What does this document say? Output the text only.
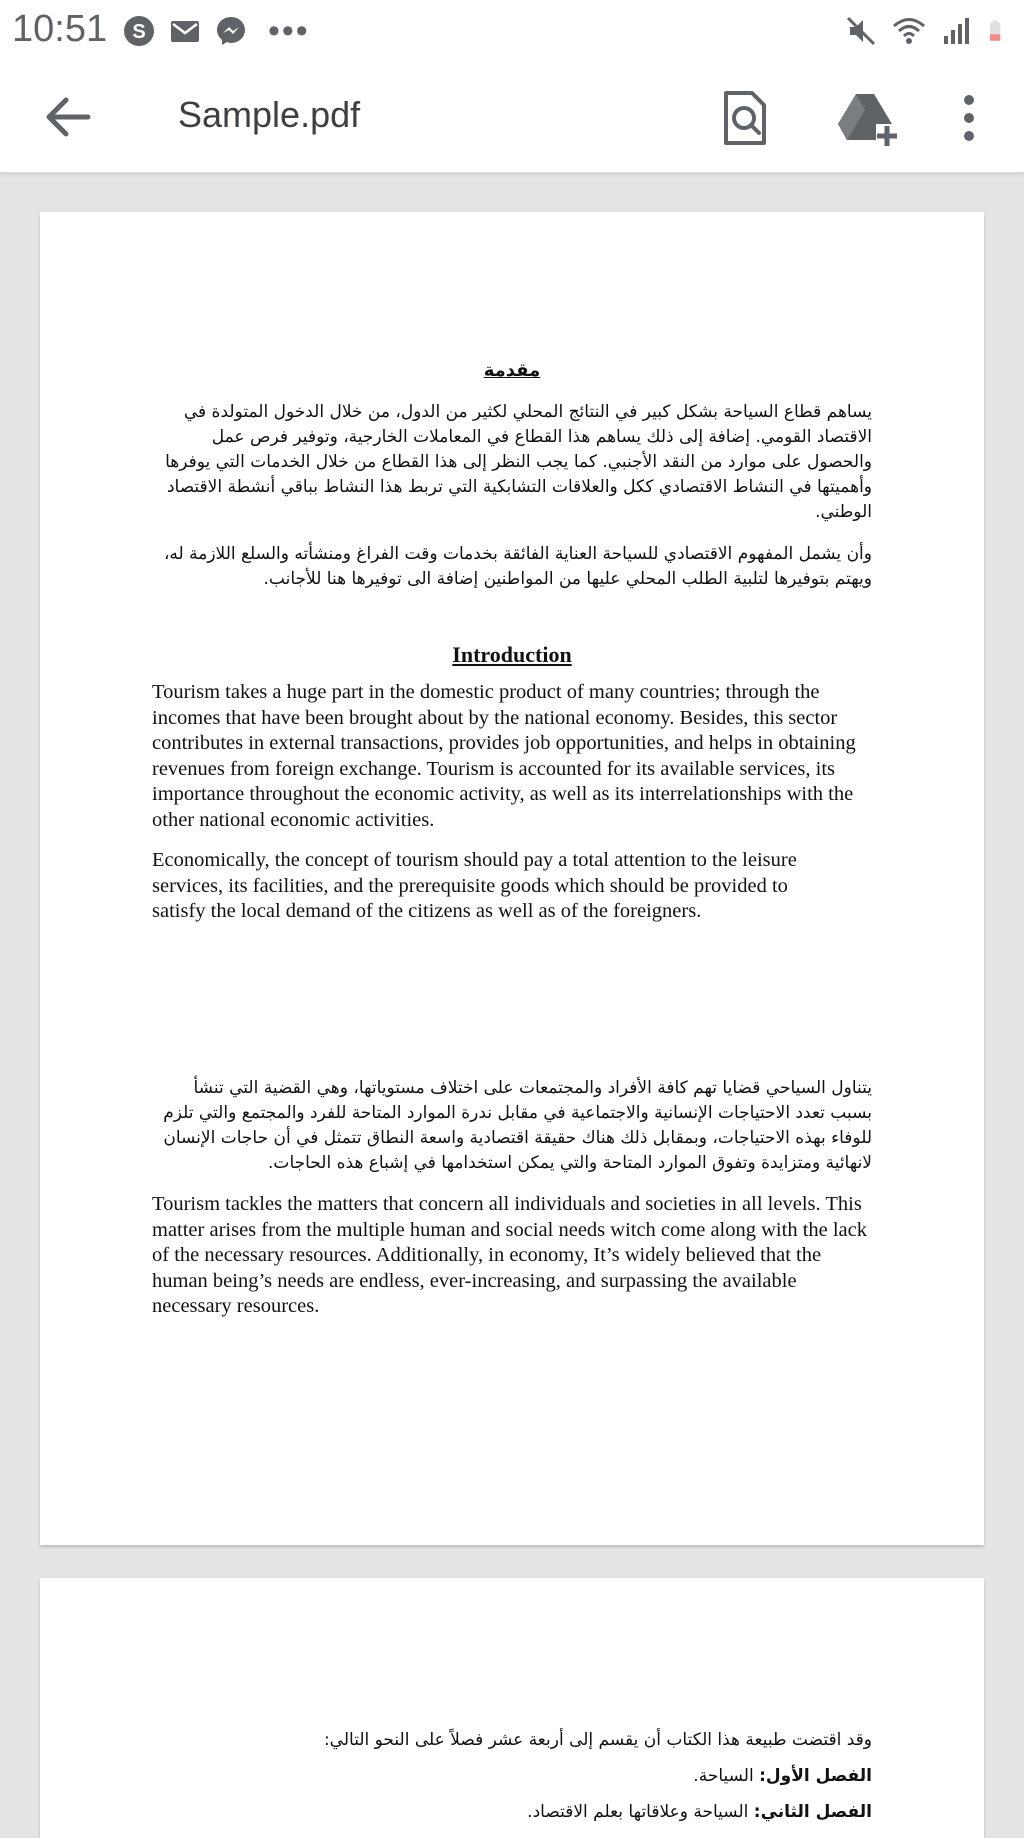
10:51 S	•••
Sample.pdf
مقدمة

يساهم قطاع السياحة بشكل كبير في النتائج المحلي لكثير من الدول، من خلال الدخول المتولدة في الاقتصاد القومي. إضافة إلى ذلك يساهم هذا القطاع في المعاملات الخارجية، وتوفير فرص عمل والحصول على موارد من النقد الأجنبي. كما يجب النظر إلى هذا القطاع من خلال الخدمات التي يوفرها وأهميتها في النشاط الاقتصادي ككل والعلاقات التشابكية التي تربط هذا النشاط بباقي أنشطة الاقتصاد الوطني.

وأن يشمل المفهوم الاقتصادي للسياحة العناية الفائقة بخدمات وقت الفراغ ومنشأته والسلع اللازمة له، ويهتم بتوفيرها لتلبية الطلب المحلي عليها من المواطنين إضافة الى توفيرها هنا للأجانب.

Introduction

Tourism takes a huge part in the domestic product of many countries; through the incomes that have been brought about by the national economy. Besides, this sector contributes in external transactions, provides job opportunities, and helps in obtaining revenues from foreign exchange. Tourism is accounted for its available services, its importance throughout the economic activity, as well as its interrelationships with the other national economic activities.

Economically, the concept of tourism should pay a total attention to the leisure services, its facilities, and the prerequisite goods which should be provided to satisfy the local demand of the citizens as well as of the foreigners.

يتناول السياحي قضايا تهم كافة الأفراد والمجتمعات على اختلاف مستوياتها، وهي القضية التي تنشأ بسبب تعدد الاحتياجات الإنسانية والاجتماعية في مقابل ندرة الموارد المتاحة للفرد والمجتمع والتي تلزم للوفاء بهذه الاحتياجات، وبمقابل ذلك هناك حقيقة اقتصادية واسعة النطاق تتمثل في أن حاجات الإنسان لانهائية ومتزايدة وتفوق الموارد المتاحة والتي يمكن استخدامها في إشباع هذه الحاجات.

Tourism tackles the matters that concern all individuals and societies in all levels. This matter arises from the multiple human and social needs witch come along with the lack of the necessary resources. Additionally, in economy, It’s widely believed that the human being’s needs are endless, ever-increasing, and surpassing the available necessary resources.

وقد اقتضت طبيعة هذا الكتاب أن يقسم إلى أربعة عشر فصلاً على النحو التالي:

الفصل الأول: السياحة.

الفصل الثاني: السياحة وعلاقاتها بعلم الاقتصاد.
